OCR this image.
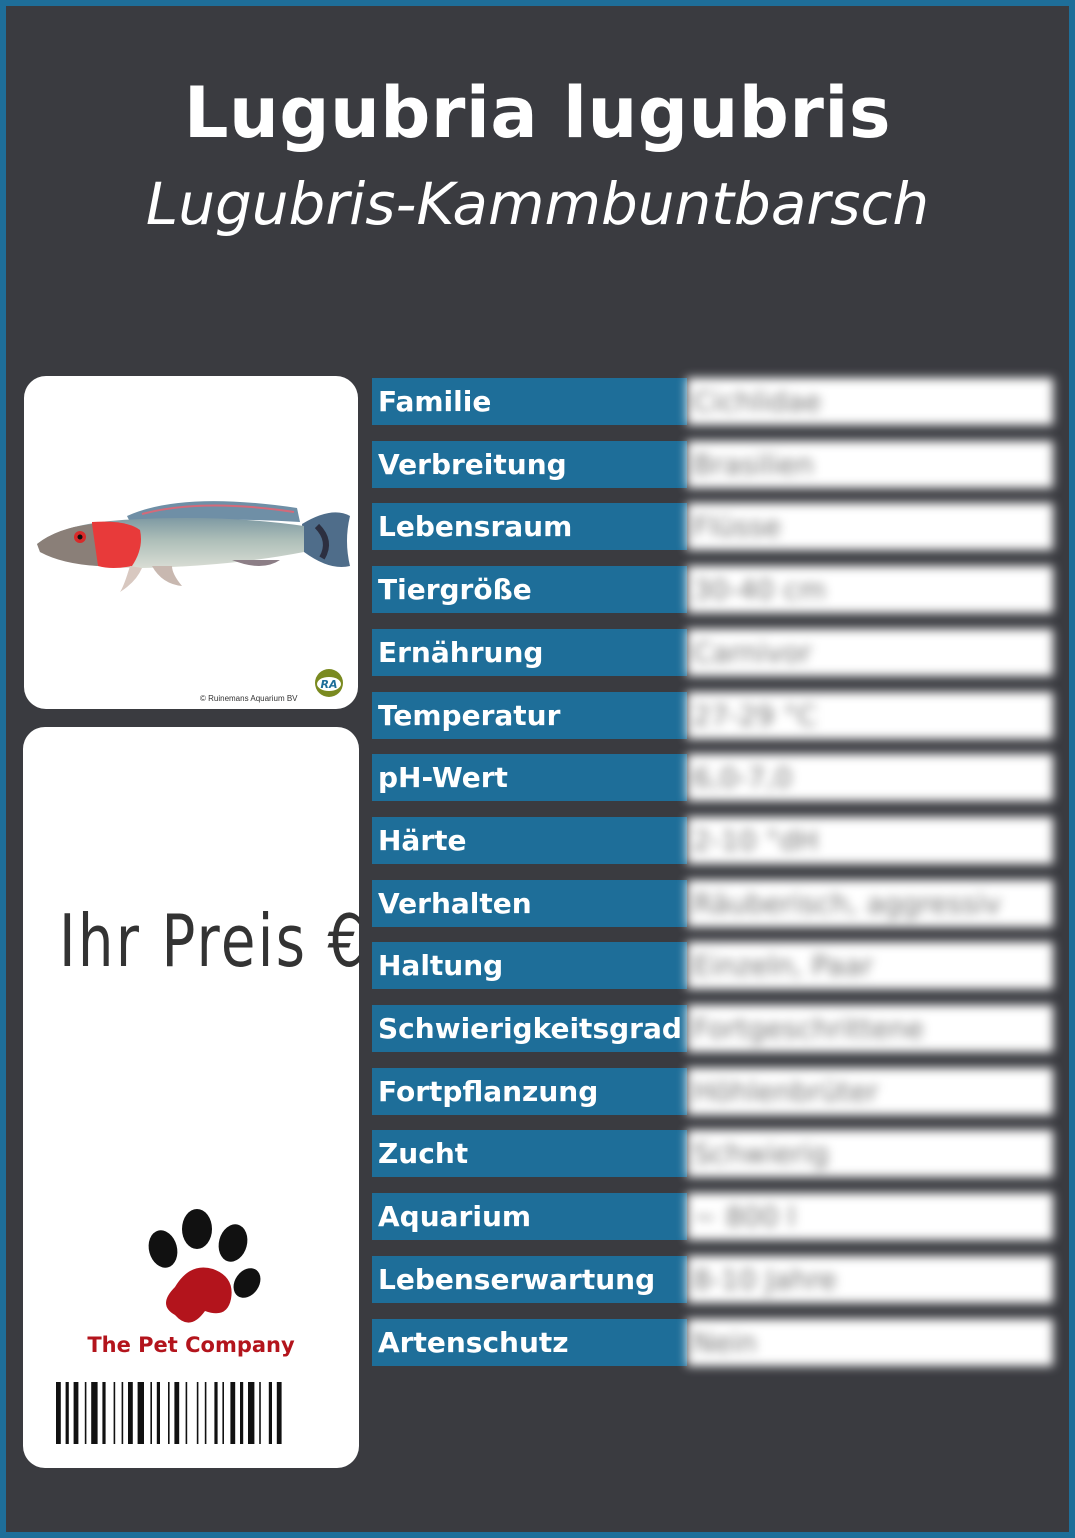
Lugubria lugubris
Lugubris-Kammbuntbarsch
RA
© Ruinemans Aquarium BV
Ihr Preis €
The Pet Company
Familie	Cichlidae
Verbreitung	Brasilien
Lebensraum	Flüsse
Tiergröße	30-40 cm
Ernährung	Carnivor
Temperatur	27-29 °C
pH-Wert	6,0-7,0
Härte	2-10 °dH
Verhalten	Räuberisch, aggressiv
Haltung	Einzeln, Paar
Schwierigkeitsgrad Fortgeschrittene
Fortpflanzung	Höhlenbrüter
Zucht	Schwierig
Aquarium	~ 800 l
Lebenserwartung	8-10 Jahre
Artenschutz	Nein
